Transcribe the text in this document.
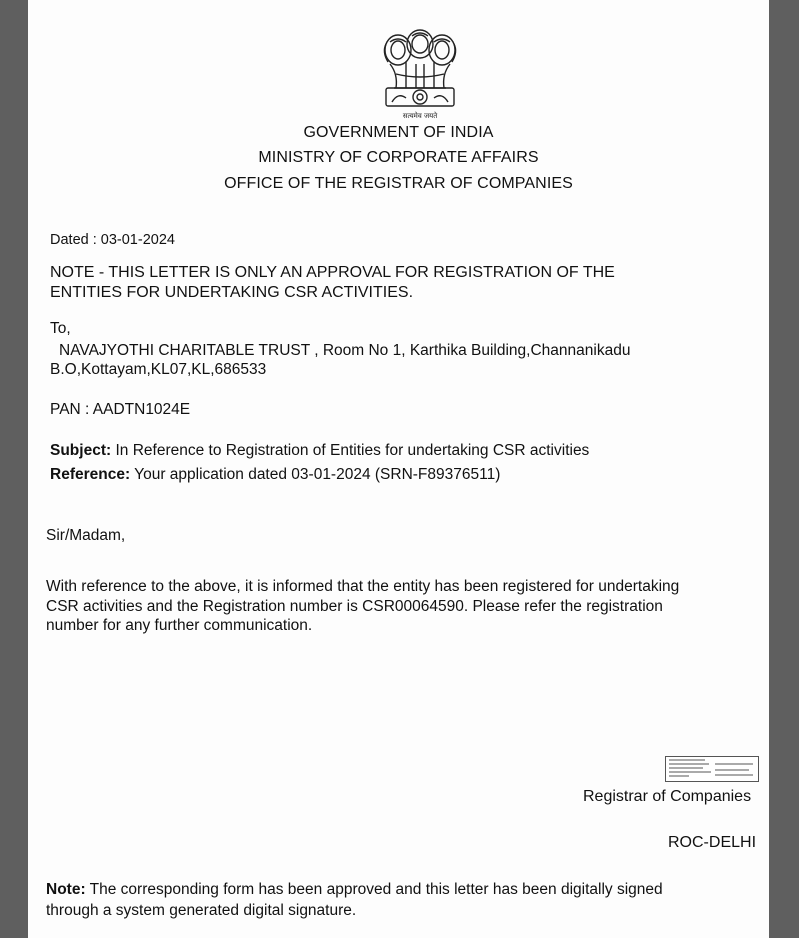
सत्यमेव जयते
GOVERNMENT OF INDIA
MINISTRY OF CORPORATE AFFAIRS
OFFICE OF THE REGISTRAR OF COMPANIES
Dated : 03-01-2024
NOTE - THIS LETTER IS ONLY AN APPROVAL FOR REGISTRATION OF THE
ENTITIES FOR UNDERTAKING CSR ACTIVITIES.
To,
NAVAJYOTHI CHARITABLE TRUST , Room No 1, Karthika Building,Channanikadu
B.O,Kottayam,KL07,KL,686533
PAN : AADTN1024E
Subject: In Reference to Registration of Entities for undertaking CSR activities
Reference: Your application dated 03-01-2024 (SRN-F89376511)
Sir/Madam,
With reference to the above, it is informed that the entity has been registered for undertaking
CSR activities and the Registration number is CSR00064590. Please refer the registration
number for any further communication.
Registrar of Companies
ROC-DELHI
Note: The corresponding form has been approved and this letter has been digitally signed
through a system generated digital signature.
